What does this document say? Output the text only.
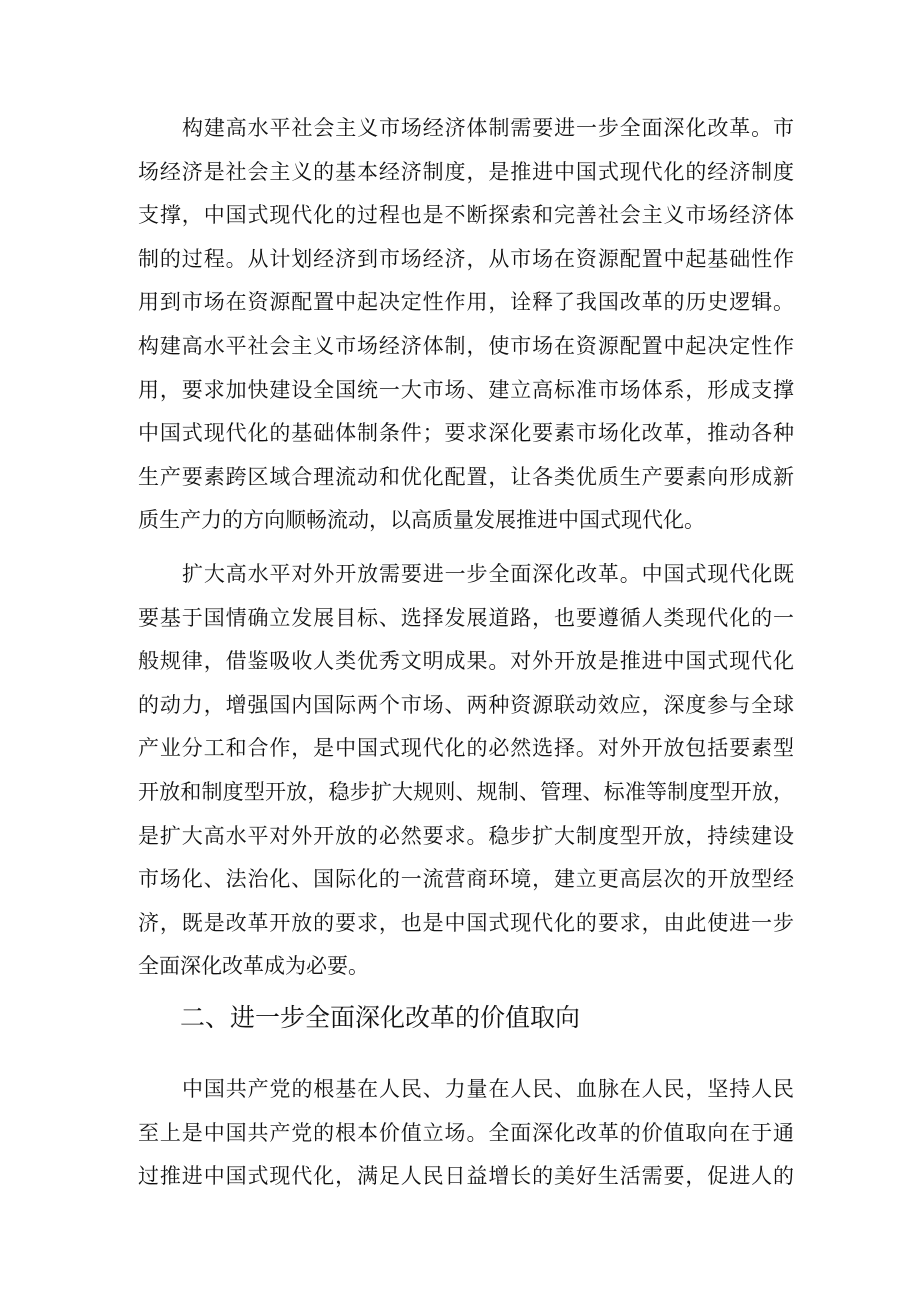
构建高水平社会主义市场经济体制需要进一步全面深化改革。市
场经济是社会主义的基本经济制度，是推进中国式现代化的经济制度
支撑，中国式现代化的过程也是不断探索和完善社会主义市场经济体
制的过程。从计划经济到市场经济，从市场在资源配置中起基础性作
用到市场在资源配置中起决定性作用，诠释了我国改革的历史逻辑。
构建高水平社会主义市场经济体制，使市场在资源配置中起决定性作
用，要求加快建设全国统一大市场、建立高标准市场体系，形成支撑
中国式现代化的基础体制条件；要求深化要素市场化改革，推动各种
生产要素跨区域合理流动和优化配置，让各类优质生产要素向形成新
质生产力的方向顺畅流动，以高质量发展推进中国式现代化。
扩大高水平对外开放需要进一步全面深化改革。中国式现代化既
要基于国情确立发展目标、选择发展道路，也要遵循人类现代化的一
般规律，借鉴吸收人类优秀文明成果。对外开放是推进中国式现代化
的动力，增强国内国际两个市场、两种资源联动效应，深度参与全球
产业分工和合作，是中国式现代化的必然选择。对外开放包括要素型
开放和制度型开放，稳步扩大规则、规制、管理、标准等制度型开放，
是扩大高水平对外开放的必然要求。稳步扩大制度型开放，持续建设
市场化、法治化、国际化的一流营商环境，建立更高层次的开放型经
济，既是改革开放的要求，也是中国式现代化的要求，由此使进一步
全面深化改革成为必要。
二、进一步全面深化改革的价值取向
中国共产党的根基在人民、力量在人民、血脉在人民，坚持人民
至上是中国共产党的根本价值立场。全面深化改革的价值取向在于通
过推进中国式现代化，满足人民日益增长的美好生活需要，促进人的
